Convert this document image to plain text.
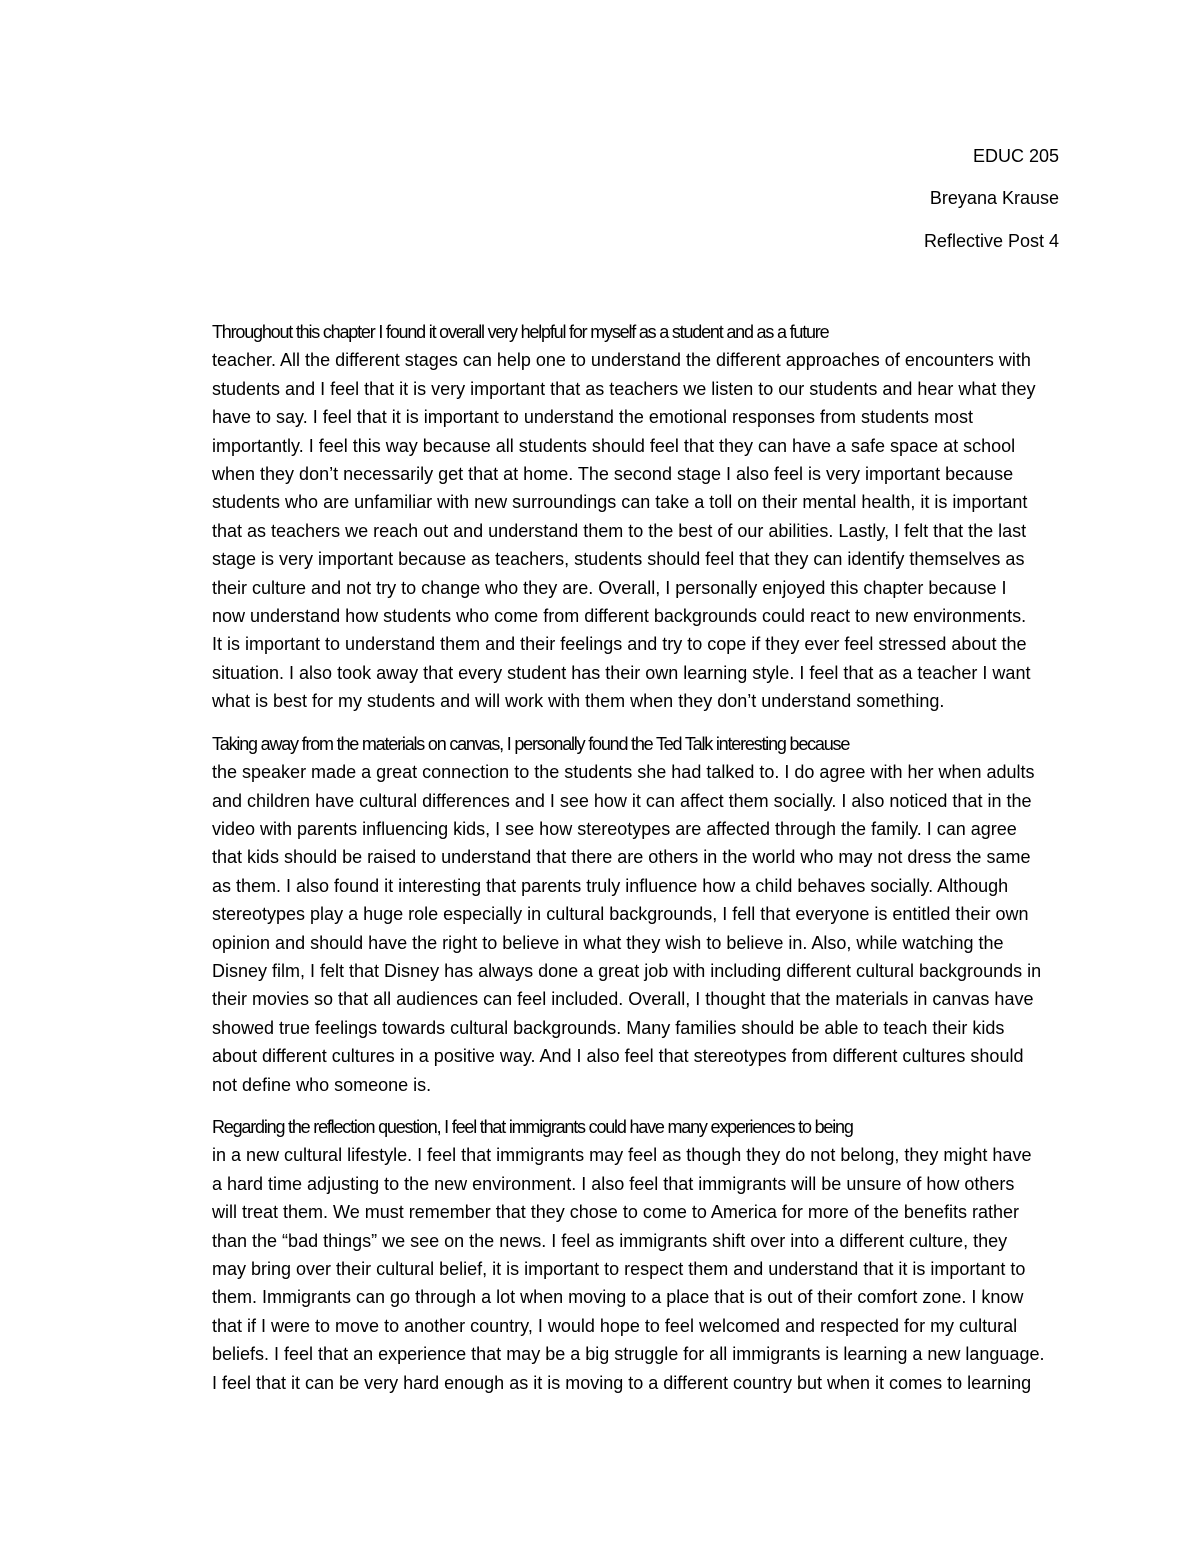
EDUC 205
Breyana Krause
Reflective Post 4

Throughout this chapter I found it overall very helpful for myself as a student and as a future
teacher. All the different stages can help one to understand the different approaches of encounters with
students and I feel that it is very important that as teachers we listen to our students and hear what they
have to say. I feel that it is important to understand the emotional responses from students most
importantly. I feel this way because all students should feel that they can have a safe space at school
when they don’t necessarily get that at home. The second stage I also feel is very important because
students who are unfamiliar with new surroundings can take a toll on their mental health, it is important
that as teachers we reach out and understand them to the best of our abilities. Lastly, I felt that the last
stage is very important because as teachers, students should feel that they can identify themselves as
their culture and not try to change who they are. Overall, I personally enjoyed this chapter because I
now understand how students who come from different backgrounds could react to new environments.
It is important to understand them and their feelings and try to cope if they ever feel stressed about the
situation. I also took away that every student has their own learning style. I feel that as a teacher I want
what is best for my students and will work with them when they don’t understand something.

Taking away from the materials on canvas, I personally found the Ted Talk interesting because
the speaker made a great connection to the students she had talked to. I do agree with her when adults
and children have cultural differences and I see how it can affect them socially. I also noticed that in the
video with parents influencing kids, I see how stereotypes are affected through the family. I can agree
that kids should be raised to understand that there are others in the world who may not dress the same
as them. I also found it interesting that parents truly influence how a child behaves socially. Although
stereotypes play a huge role especially in cultural backgrounds, I fell that everyone is entitled their own
opinion and should have the right to believe in what they wish to believe in. Also, while watching the
Disney film, I felt that Disney has always done a great job with including different cultural backgrounds in
their movies so that all audiences can feel included. Overall, I thought that the materials in canvas have
showed true feelings towards cultural backgrounds. Many families should be able to teach their kids
about different cultures in a positive way. And I also feel that stereotypes from different cultures should
not define who someone is.

Regarding the reflection question, I feel that immigrants could have many experiences to being
in a new cultural lifestyle. I feel that immigrants may feel as though they do not belong, they might have
a hard time adjusting to the new environment. I also feel that immigrants will be unsure of how others
will treat them. We must remember that they chose to come to America for more of the benefits rather
than the “bad things” we see on the news. I feel as immigrants shift over into a different culture, they
may bring over their cultural belief, it is important to respect them and understand that it is important to
them. Immigrants can go through a lot when moving to a place that is out of their comfort zone. I know
that if I were to move to another country, I would hope to feel welcomed and respected for my cultural
beliefs. I feel that an experience that may be a big struggle for all immigrants is learning a new language.
I feel that it can be very hard enough as it is moving to a different country but when it comes to learning
